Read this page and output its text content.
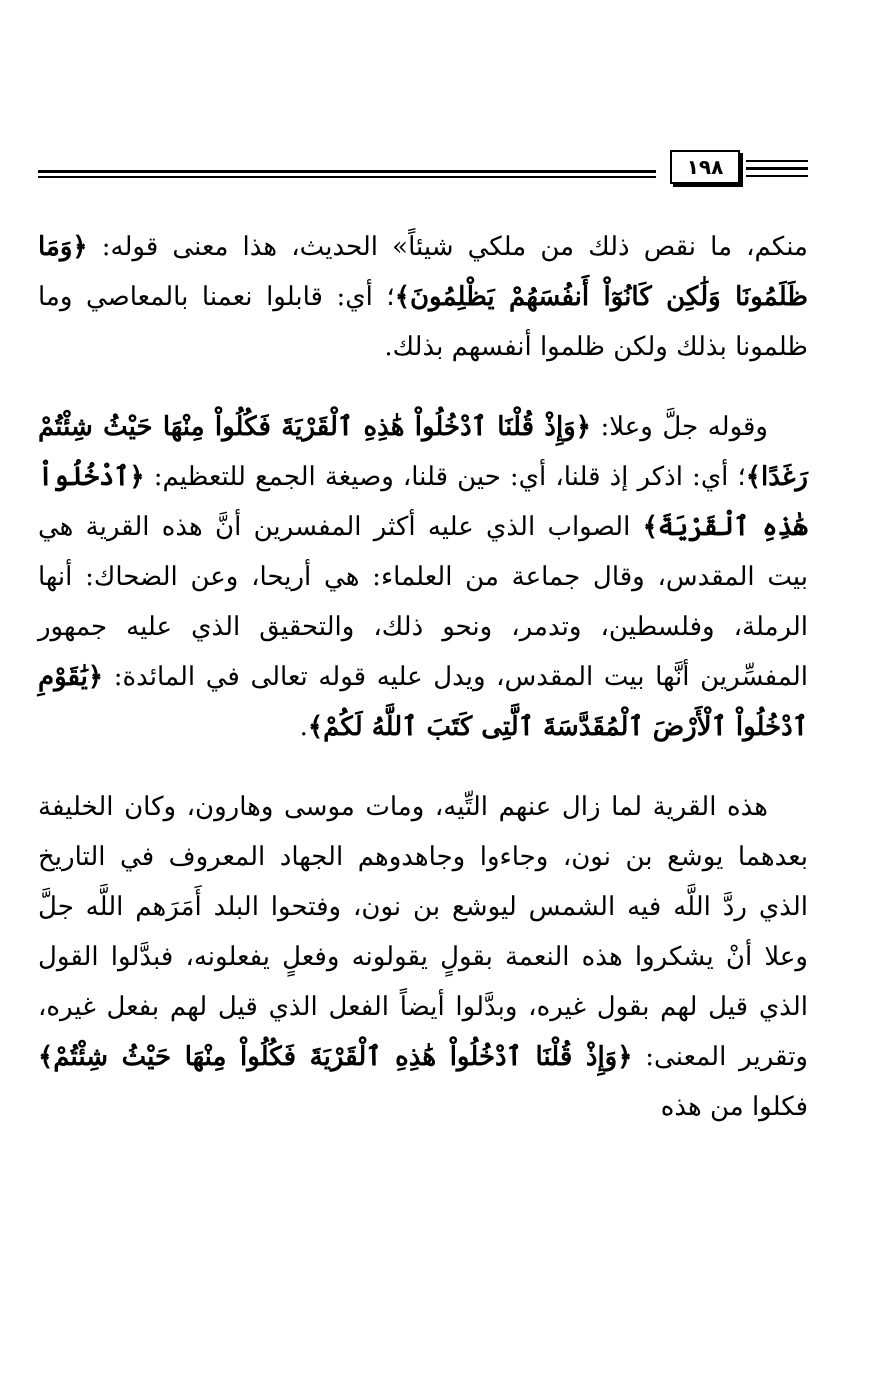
١٩٨

منكم، ما نقص ذلك من ملكي شيئاً» الحديث، هذا معنى قوله: ﴿وَمَا ظَلَمُونَا وَلَٰكِن كَانُوٓاْ أَنفُسَهُمْ يَظْلِمُونَ﴾؛ أي: قابلوا نعمنا بالمعاصي وما ظلمونا بذلك ولكن ظلموا أنفسهم بذلك.

وقوله جلَّ وعلا: ﴿وَإِذْ قُلْنَا ٱدْخُلُواْ هَٰذِهِ ٱلْقَرْيَةَ فَكُلُواْ مِنْهَا حَيْثُ شِئْتُمْ رَغَدًا﴾؛ أي: اذكر إذ قلنا، أي: حين قلنا، وصيغة الجمع للتعظيم: ﴿ٱدْخُلُواْ هَٰذِهِ ٱلْقَرْيَةَ﴾ الصواب الذي عليه أكثر المفسرين أنَّ هذه القرية هي بيت المقدس، وقال جماعة من العلماء: هي أريحا، وعن الضحاك: أنها الرملة، وفلسطين، وتدمر، ونحو ذلك، والتحقيق الذي عليه جمهور المفسِّرين أنَّها بيت المقدس، ويدل عليه قوله تعالى في المائدة: ﴿يَٰقَوْمِ ٱدْخُلُواْ ٱلْأَرْضَ ٱلْمُقَدَّسَةَ ٱلَّتِى كَتَبَ ٱللَّهُ لَكُمْ﴾.

هذه القرية لما زال عنهم التِّيه، ومات موسى وهارون، وكان الخليفة بعدهما يوشع بن نون، وجاءوا وجاهدوهم الجهاد المعروف في التاريخ الذي ردَّ اللَّه فيه الشمس ليوشع بن نون، وفتحوا البلد أَمَرَهم اللَّه جلَّ وعلا أنْ يشكروا هذه النعمة بقولٍ يقولونه وفعلٍ يفعلونه، فبدَّلوا القول الذي قيل لهم بقول غيره، وبدَّلوا أيضاً الفعل الذي قيل لهم بفعل غيره، وتقرير المعنى: ﴿وَإِذْ قُلْنَا ٱدْخُلُواْ هَٰذِهِ ٱلْقَرْيَةَ فَكُلُواْ مِنْهَا حَيْثُ شِئْتُمْ﴾ فكلوا من هذه
